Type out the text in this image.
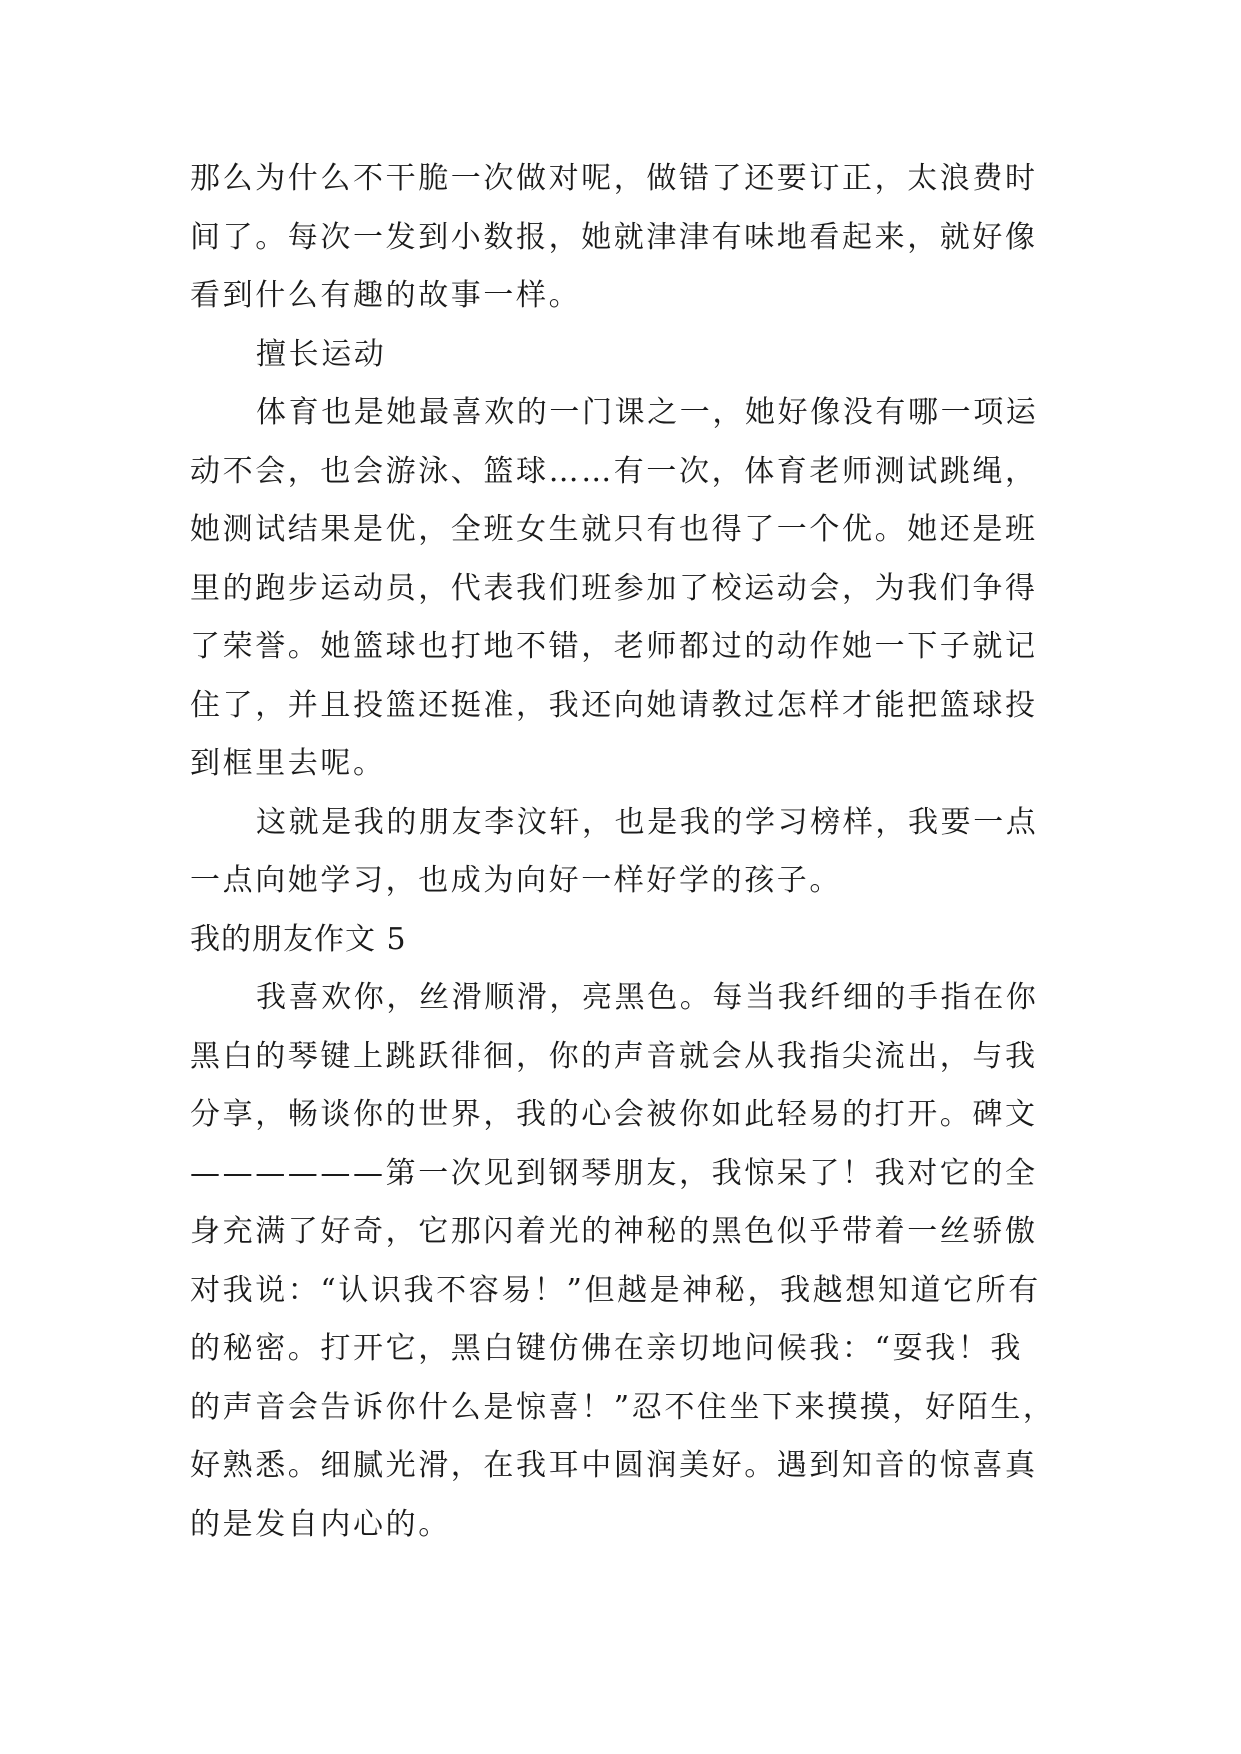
那么为什么不干脆一次做对呢，做错了还要订正，太浪费时
间了。每次一发到小数报，她就津津有味地看起来，就好像
看到什么有趣的故事一样。
擅长运动
体育也是她最喜欢的一门课之一，她好像没有哪一项运
动不会，也会游泳、篮球……有一次，体育老师测试跳绳，
她测试结果是优，全班女生就只有也得了一个优。她还是班
里的跑步运动员，代表我们班参加了校运动会，为我们争得
了荣誉。她篮球也打地不错，老师都过的动作她一下子就记
住了，并且投篮还挺准，我还向她请教过怎样才能把篮球投
到框里去呢。
这就是我的朋友李汶轩，也是我的学习榜样，我要一点
一点向她学习，也成为向好一样好学的孩子。
我的朋友作文 5
我喜欢你，丝滑顺滑，亮黑色。每当我纤细的手指在你
黑白的琴键上跳跃徘徊，你的声音就会从我指尖流出，与我
分享，畅谈你的世界，我的心会被你如此轻易的打开。碑文
——————第一次见到钢琴朋友，我惊呆了！我对它的全
身充满了好奇，它那闪着光的神秘的黑色似乎带着一丝骄傲
对我说：“认识我不容易！”但越是神秘，我越想知道它所有
的秘密。打开它，黑白键仿佛在亲切地问候我：“耍我！我
的声音会告诉你什么是惊喜！”忍不住坐下来摸摸，好陌生，
好熟悉。细腻光滑，在我耳中圆润美好。遇到知音的惊喜真
的是发自内心的。
